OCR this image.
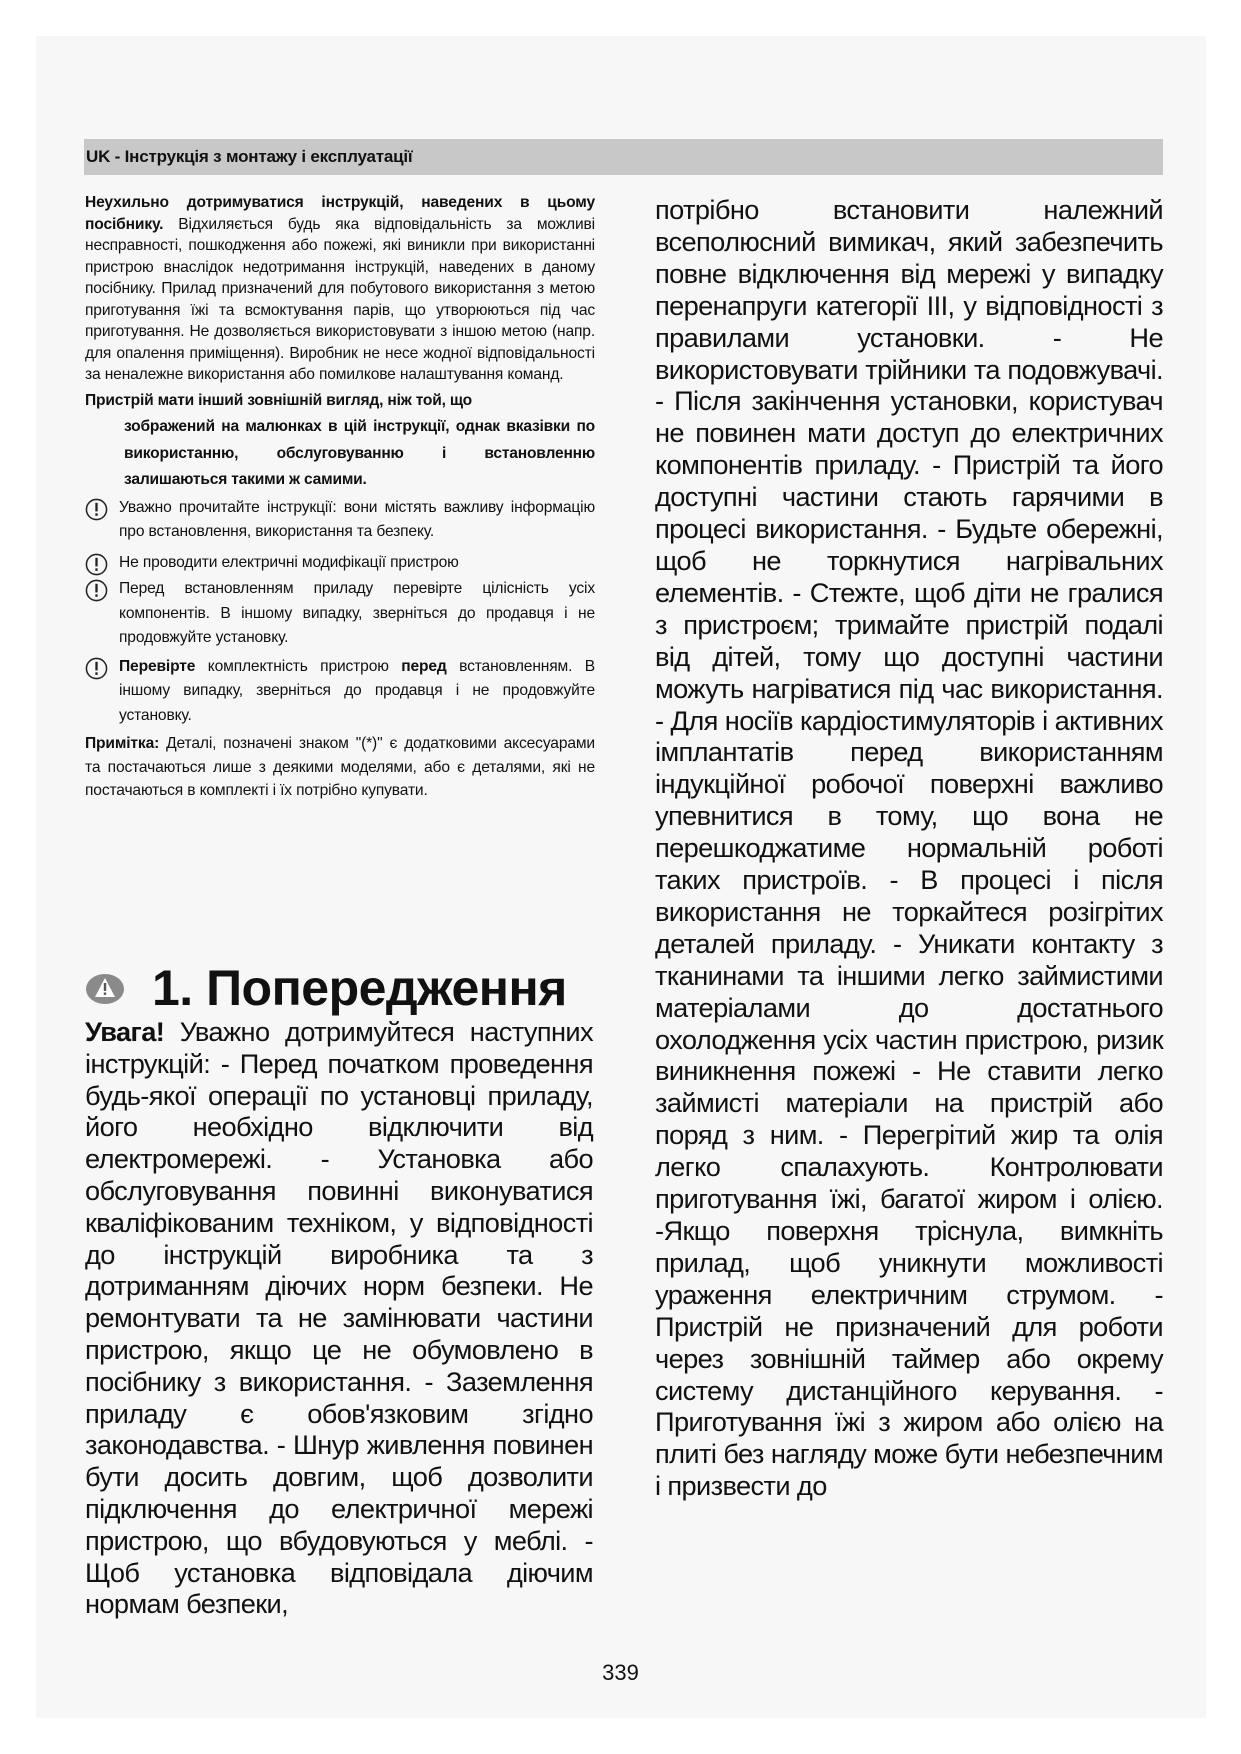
UK - Інструкція з монтажу і експлуатації
Неухильно дотримуватися інструкцій, наведених в цьому посібнику. Відхиляється будь яка відповідальність за можливі несправності, пошкодження або пожежі, які виникли при використанні пристрою внаслідок недотримання інструкцій, наведених в даному посібнику. Прилад призначений для побутового використання з метою приготування їжі та всмоктування парів, що утворюються під час приготування. Не дозволяється використовувати з іншою метою (напр. для опалення приміщення). Виробник не несе жодної відповідальності за неналежне використання або помилкове налаштування команд.
Пристрій мати інший зовнішній вигляд, ніж той, що
зображений на малюнках в цій інструкції, однак вказівки по використанню, обслуговуванню і встановленню залишаються такими ж самими.
Уважно прочитайте інструкції: вони містять важливу інформацію про встановлення, використання та безпеку.
Не проводити електричні модифікації пристрою
Перед встановленням приладу перевірте цілісність усіх компонентів. В іншому випадку, зверніться до продавця і не продовжуйте установку.
Перевірте комплектність пристрою перед встановленням. В іншому випадку, зверніться до продавця і не продовжуйте установку.
Примітка: Деталі, позначені знаком "(*)" є додатковими аксесуарами та постачаються лише з деякими моделями, або є деталями, які не постачаються в комплекті і їх потрібно купувати.
1. Попередження
Увага! Уважно дотримуйтеся наступних інструкцій: - Перед початком проведення будь-якої операції по установці приладу, його необхідно відключити від електромережі. - Установка або обслуговування повинні виконуватися кваліфікованим техніком, у відповідності до інструкцій виробника та з дотриманням діючих норм безпеки. Не ремонтувати та не замінювати частини пристрою, якщо це не обумовлено в посібнику з використання. - Заземлення приладу є обов'язковим згідно законодавства. - Шнур живлення повинен бути досить довгим, щоб дозволити підключення до електричної мережі пристрою, що вбудовуються у меблі. - Щоб установка відповідала діючим нормам безпеки,
потрібно встановити належний всеполюсний вимикач, який забезпечить повне відключення від мережі у випадку перенапруги категорії III, у відповідності з правилами установки. - Не використовувати трійники та подовжувачі. - Після закінчення установки, користувач не повинен мати доступ до електричних компонентів приладу. - Пристрій та його доступні частини стають гарячими в процесі використання. - Будьте обережні, щоб не торкнутися нагрівальних елементів. - Стежте, щоб діти не гралися з пристроєм; тримайте пристрій подалі від дітей, тому що доступні частини можуть нагріватися під час використання. - Для носіїв кардіостимуляторів і активних імплантатів перед використанням індукційної робочої поверхні важливо упевнитися в тому, що вона не перешкоджатиме нормальній роботі таких пристроїв. - В процесі і після використання не торкайтеся розігрітих деталей приладу. - Уникати контакту з тканинами та іншими легко займистими матеріалами до достатнього охолодження усіх частин пристрою, ризик виникнення пожежі - Не ставити легко займисті матеріали на пристрій або поряд з ним. - Перегрітий жир та олія легко спалахують. Контролювати приготування їжі, багатої жиром і олією. -Якщо поверхня тріснула, вимкніть прилад, щоб уникнути можливості ураження електричним струмом. - Пристрій не призначений для роботи через зовнішній таймер або окрему систему дистанційного керування. - Приготування їжі з жиром або олією на плиті без нагляду може бути небезпечним і призвести до
339
